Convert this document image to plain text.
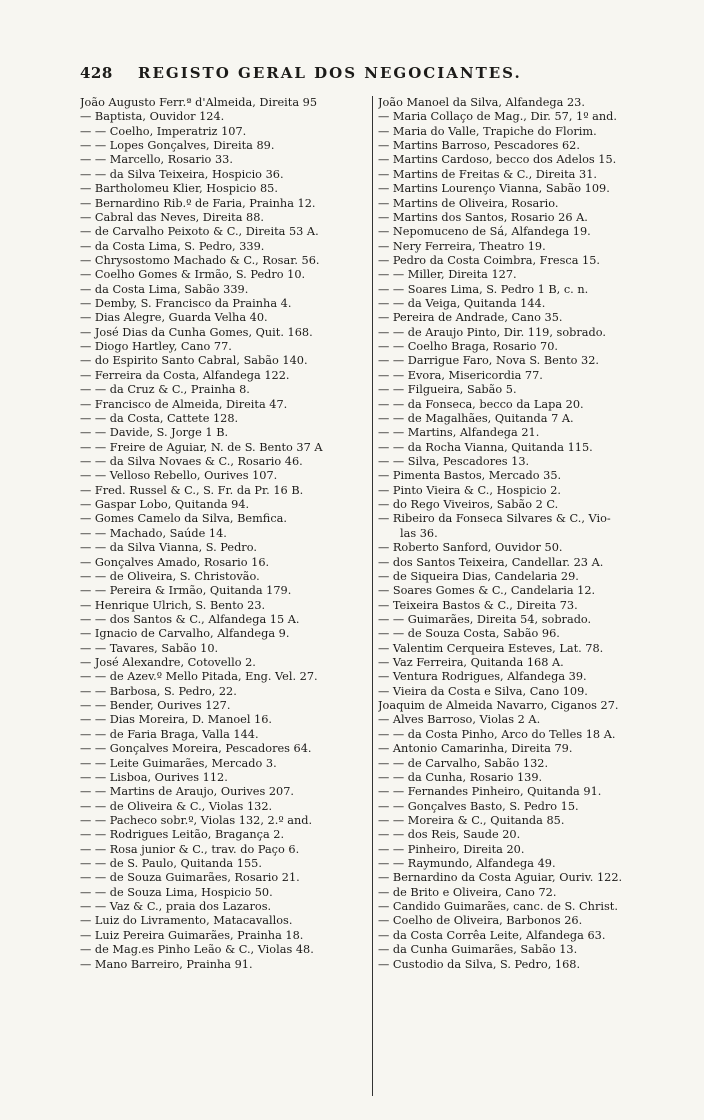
428 REGISTO GERAL DOS NEGOCIANTES.
João Augusto Ferr.ª d'Almeida, Direita 95
— Baptista, Ouvidor 124.
— — Coelho, Imperatriz 107.
— — Lopes Gonçalves, Direita 89.
— — Marcello, Rosario 33.
— — da Silva Teixeira, Hospicio 36.
— Bartholomeu Klier, Hospicio 85.
— Bernardino Rib.º de Faria, Prainha 12.
— Cabral das Neves, Direita 88.
— de Carvalho Peixoto & C., Direita 53 A.
— da Costa Lima, S. Pedro, 339.
— Chrysostomo Machado & C., Rosar. 56.
— Coelho Gomes & Irmão, S. Pedro 10.
— da Costa Lima, Sabão 339.
— Demby, S. Francisco da Prainha 4.
— Dias Alegre, Guarda Velha 40.
— José Dias da Cunha Gomes, Quit. 168.
— Diogo Hartley, Cano 77.
— do Espirito Santo Cabral, Sabão 140.
— Ferreira da Costa, Alfandega 122.
— — da Cruz & C., Prainha 8.
— Francisco de Almeida, Direita 47.
— — da Costa, Cattete 128.
— — Davide, S. Jorge 1 B.
— — Freire de Aguiar, N. de S. Bento 37 A
— — da Silva Novaes & C., Rosario 46.
— — Velloso Rebello, Ourives 107.
— Fred. Russel & C., S. Fr. da Pr. 16 B.
— Gaspar Lobo, Quitanda 94.
— Gomes Camelo da Silva, Bemfica.
— — Machado, Saúde 14.
— — da Silva Vianna, S. Pedro.
— Gonçalves Amado, Rosario 16.
— — de Oliveira, S. Christovão.
— — Pereira & Irmão, Quitanda 179.
— Henrique Ulrich, S. Bento 23.
— — dos Santos & C., Alfandega 15 A.
— Ignacio de Carvalho, Alfandega 9.
— — Tavares, Sabão 10.
— José Alexandre, Cotovello 2.
— — de Azev.º Mello Pitada, Eng. Vel. 27.
— — Barbosa, S. Pedro, 22.
— — Bender, Ourives 127.
— — Dias Moreira, D. Manoel 16.
— — de Faria Braga, Valla 144.
— — Gonçalves Moreira, Pescadores 64.
— — Leite Guimarães, Mercado 3.
— — Lisboa, Ourives 112.
— — Martins de Araujo, Ourives 207.
— — de Oliveira & C., Violas 132.
— — Pacheco sobr.º, Violas 132, 2.º and.
— — Rodrigues Leitão, Bragança 2.
— — Rosa junior & C., trav. do Paço 6.
— — de S. Paulo, Quitanda 155.
— — de Souza Guimarães, Rosario 21.
— — de Souza Lima, Hospicio 50.
— — Vaz & C., praia dos Lazaros.
— Luiz do Livramento, Matacavallos.
— Luiz Pereira Guimarães, Prainha 18.
— de Mag.es Pinho Leão & C., Violas 48.
— Mano Barreiro, Prainha 91.
João Manoel da Silva, Alfandega 23.
— Maria Collaço de Mag., Dir. 57, 1º and.
— Maria do Valle, Trapiche do Florim.
— Martins Barroso, Pescadores 62.
— Martins Cardoso, becco dos Adelos 15.
— Martins de Freitas & C., Direita 31.
— Martins Lourenço Vianna, Sabão 109.
— Martins de Oliveira, Rosario.
— Martins dos Santos, Rosario 26 A.
— Nepomuceno de Sá, Alfandega 19.
— Nery Ferreira, Theatro 19.
— Pedro da Costa Coimbra, Fresca 15.
— — Miller, Direita 127.
— — Soares Lima, S. Pedro 1 B, c. n.
— — da Veiga, Quitanda 144.
— Pereira de Andrade, Cano 35.
— — de Araujo Pinto, Dir. 119, sobrado.
— — Coelho Braga, Rosario 70.
— — Darrigue Faro, Nova S. Bento 32.
— — Evora, Misericordia 77.
— — Filgueira, Sabão 5.
— — da Fonseca, becco da Lapa 20.
— — de Magalhães, Quitanda 7 A.
— — Martins, Alfandega 21.
— — da Rocha Vianna, Quitanda 115.
— — Silva, Pescadores 13.
— Pimenta Bastos, Mercado 35.
— Pinto Vieira & C., Hospicio 2.
— do Rego Viveiros, Sabão 2 C.
— Ribeiro da Fonseca Silvares & C., Vio-
las 36.
— Roberto Sanford, Ouvidor 50.
— dos Santos Teixeira, Candellar. 23 A.
— de Siqueira Dias, Candelaria 29.
— Soares Gomes & C., Candelaria 12.
— Teixeira Bastos & C., Direita 73.
— — Guimarães, Direita 54, sobrado.
— — de Souza Costa, Sabão 96.
— Valentim Cerqueira Esteves, Lat. 78.
— Vaz Ferreira, Quitanda 168 A.
— Ventura Rodrigues, Alfandega 39.
— Vieira da Costa e Silva, Cano 109.
Joaquim de Almeida Navarro, Ciganos 27.
— Alves Barroso, Violas 2 A.
— — da Costa Pinho, Arco do Telles 18 A.
— Antonio Camarinha, Direita 79.
— — de Carvalho, Sabão 132.
— — da Cunha, Rosario 139.
— — Fernandes Pinheiro, Quitanda 91.
— — Gonçalves Basto, S. Pedro 15.
— — Moreira & C., Quitanda 85.
— — dos Reis, Saude 20.
— — Pinheiro, Direita 20.
— — Raymundo, Alfandega 49.
— Bernardino da Costa Aguiar, Ouriv. 122.
— de Brito e Oliveira, Cano 72.
— Candido Guimarães, canc. de S. Christ.
— Coelho de Oliveira, Barbonos 26.
— da Costa Corrêa Leite, Alfandega 63.
— da Cunha Guimarães, Sabão 13.
— Custodio da Silva, S. Pedro, 168.
